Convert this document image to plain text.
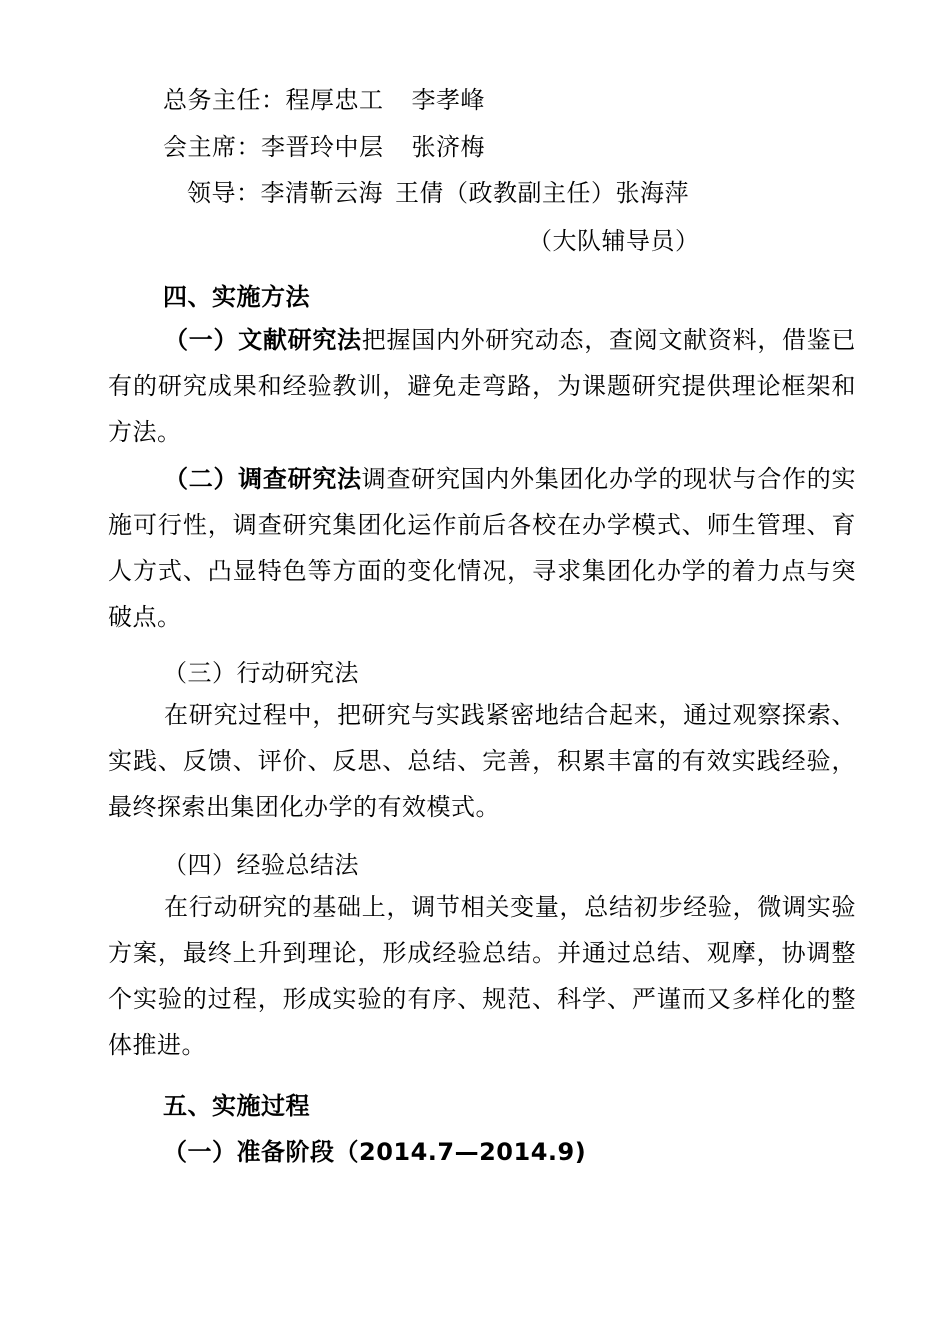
总务主任：程厚忠工 李孝峰
会主席：李晋玲中层 张济梅
领导：李清靳云海 王倩（政教副主任）张海萍
（大队辅导员）
四、实施方法
（一）文献研究法把握国内外研究动态，查阅文献资料，借鉴已有的研究成果和经验教训，避免走弯路，为课题研究提供理论框架和方法。
（二）调查研究法调查研究国内外集团化办学的现状与合作的实施可行性，调查研究集团化运作前后各校在办学模式、师生管理、育人方式、凸显特色等方面的变化情况，寻求集团化办学的着力点与突破点。
（三）行动研究法
在研究过程中，把研究与实践紧密地结合起来，通过观察探索、实践、反馈、评价、反思、总结、完善，积累丰富的有效实践经验，最终探索出集团化办学的有效模式。
（四）经验总结法
在行动研究的基础上，调节相关变量，总结初步经验，微调实验方案，最终上升到理论，形成经验总结。并通过总结、观摩，协调整个实验的过程，形成实验的有序、规范、科学、严谨而又多样化的整体推进。
五、实施过程
（一）准备阶段（2014.7—2014.9)
